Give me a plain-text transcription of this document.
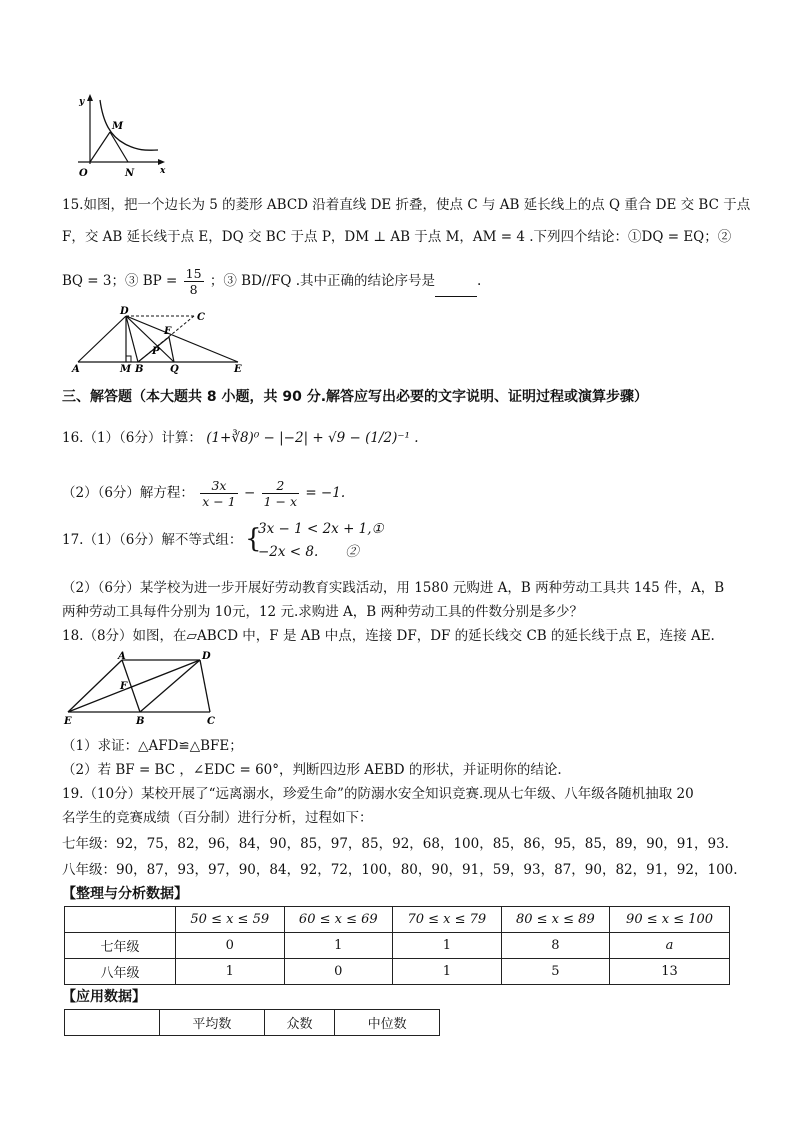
y
x
M
O	N
15.如图，把一个边长为 5 的菱形 ABCD 沿着直线 DE 折叠，使点 C 与 AB 延长线上的点 Q 重合 DE 交 BC 于点
F，交 AB 延长线于点 E，DQ 交 BC 于点 P，DM ⊥ AB 于点 M，AM = 4 .下列四个结论：①DQ = EQ；②
BQ = 3；③ BP = $\frac{15}{8}$ ；③ BD//FQ .其中正确的结论序号是	.
D
C
F
P
A	M B	Q	E
三、解答题（本大题共 8 小题，共 90 分.解答应写出必要的文字说明、证明过程或演算步骤）
16.（1）（6分）计算： (1+∛8)⁰ − |−2| + √9 − (1/2)⁻¹ .
（2）（6分）解方程： $\frac{3x}{x - 1} - \frac{2}{1 - x} = -1$.
17.（1）（6分）解不等式组： {
3x − 1 < 2x + 1,①
−2x < 8.　　②
（2）（6分）某学校为进一步开展好劳动教育实践活动，用 1580 元购进 A，B 两种劳动工具共 145 件，A，B
两种劳动工具每件分别为 10元，12 元.求购进 A，B 两种劳动工具的件数分别是多少？
18.（8分）如图，在▱ABCD 中，F 是 AB 中点，连接 DF，DF 的延长线交 CB 的延长线于点 E，连接 AE.
A	D
F
E	B	C
（1）求证：△AFD≌△BFE；
（2）若 BF = BC ，∠EDC = 60°，判断四边形 AEBD 的形状，并证明你的结论.
19.（10分）某校开展了“远离溺水，珍爱生命”的防溺水安全知识竞赛.现从七年级、八年级各随机抽取 20
名学生的竞赛成绩（百分制）进行分析，过程如下：
七年级：92，75，82，96，84，90，85，97，85，92，68，100，85，86，95，85，89，90，91，93.
八年级：90，87，93，97，90，84，92，72，100，80，90，91，59，93，87，90，82，91，92，100.
【整理与分析数据】
	50 ≤ x ≤ 59	60 ≤ x ≤ 69	70 ≤ x ≤ 79	80 ≤ x ≤ 89	90 ≤ x ≤ 100
七年级	0	1	1	8	a
八年级	1	0	1	5	13
【应用数据】
	平均数	众数	中位数
